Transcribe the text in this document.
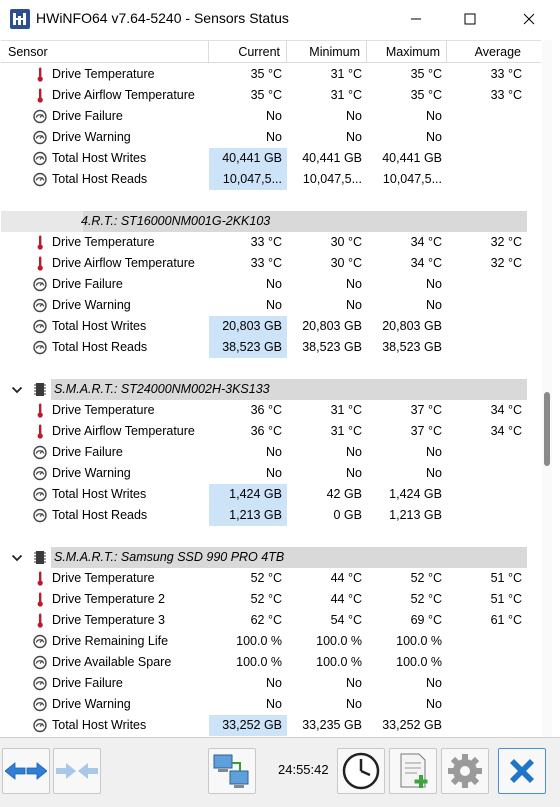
HWiNFO64 v7.64-5240 - Sensors Status
Sensor	Current	Minimum	Maximum	Average
Drive Temperature	35 °C	31 °C	35 °C	33 °C
Drive Airflow Temperature	35 °C	31 °C	35 °C	33 °C
Drive Failure	No	No	No
Drive Warning	No	No	No
Total Host Writes	40,441 GB	40,441 GB	40,441 GB
Total Host Reads	10,047,5...	10,047,5...	10,047,5...
4.R.T.: ST16000NM001G-2KK103
Drive Temperature	33 °C	30 °C	34 °C	32 °C
Drive Airflow Temperature	33 °C	30 °C	34 °C	32 °C
Drive Failure	No	No	No
Drive Warning	No	No	No
Total Host Writes	20,803 GB	20,803 GB	20,803 GB
Total Host Reads	38,523 GB	38,523 GB	38,523 GB
S.M.A.R.T.: ST24000NM002H-3KS133
Drive Temperature	36 °C	31 °C	37 °C	34 °C
Drive Airflow Temperature	36 °C	31 °C	37 °C	34 °C
Drive Failure	No	No	No
Drive Warning	No	No	No
Total Host Writes	1,424 GB	42 GB	1,424 GB
Total Host Reads	1,213 GB	0 GB	1,213 GB
S.M.A.R.T.: Samsung SSD 990 PRO 4TB
Drive Temperature	52 °C	44 °C	52 °C	51 °C
Drive Temperature 2	52 °C	44 °C	52 °C	51 °C
Drive Temperature 3	62 °C	54 °C	69 °C	61 °C
Drive Remaining Life	100.0 %	100.0 %	100.0 %
Drive Available Spare	100.0 %	100.0 %	100.0 %
Drive Failure	No	No	No
Drive Warning	No	No	No
Total Host Writes	33,252 GB	33,235 GB	33,252 GB
24:55:42
